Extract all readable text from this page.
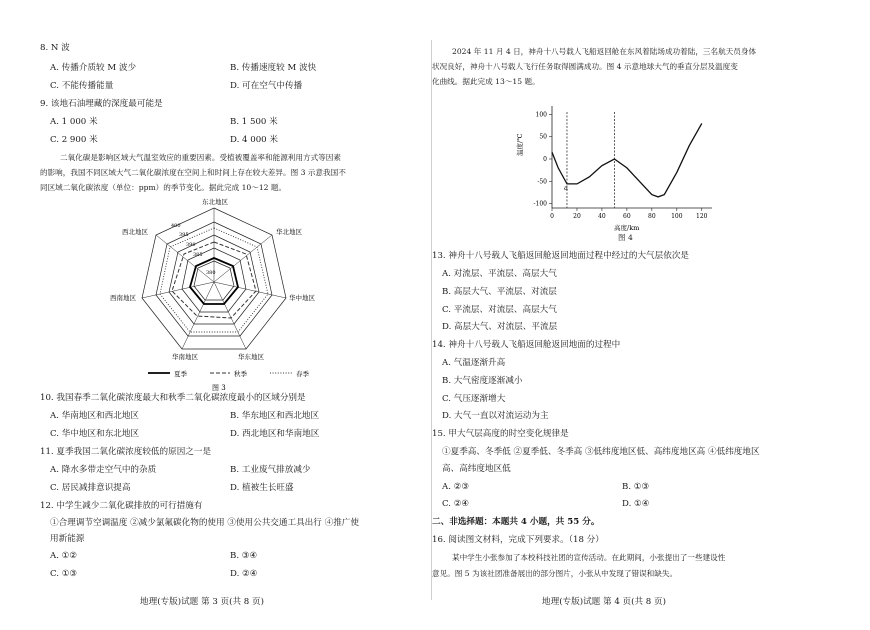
8. N 波
A. 传播介质较 M 波少	B. 传播速度较 M 波快
C. 不能传播能量	D. 可在空气中传播
9. 该地石油埋藏的深度最可能是
A. 1 000 米	B. 1 500 米
C. 2 900 米	D. 4 000 米
二氧化碳是影响区域大气温室效应的重要因素。受植被覆盖率和能源利用方式等因素
的影响，我国不同区域大气二氧化碳浓度在空间上和时间上存在较大差异。图 3 示意我国不
同区域二氧化碳浓度（单位：ppm）的季节变化。据此完成 10～12 题。
380
385
390
395
400
东北地区
华北地区
华中地区
华东地区
华南地区
西南地区
西北地区
夏季	秋季	春季
图 3
10. 我国春季二氧化碳浓度最大和秋季二氧化碳浓度最小的区域分别是
A. 华南地区和西北地区	B. 华东地区和西北地区
C. 华中地区和东北地区	D. 西北地区和华南地区
11. 夏季我国二氧化碳浓度较低的原因之一是
A. 降水多带走空气中的杂质	B. 工业废气排放减少
C. 居民减排意识提高	D. 植被生长旺盛
12. 中学生减少二氧化碳排放的可行措施有
①合理调节空调温度 ②减少氯氟碳化物的使用 ③使用公共交通工具出行 ④推广使
用新能源
A. ①②	B. ③④
C. ①③	D. ②④
地理(专版)试题 第 3 页(共 8 页)
2024 年 11 月 4 日，神舟十八号载人飞船返回舱在东风着陆场成功着陆，三名航天员身体
状况良好，神舟十八号载人飞行任务取得圆满成功。图 4 示意地球大气的垂直分层及温度变
化曲线。据此完成 13～15 题。
100
50
0
-50
-100
0	20	40	60	80	100 120
a
温度/℃
高度/km
图 4
13. 神舟十八号载人飞船返回舱返回地面过程中经过的大气层依次是
A. 对流层、平流层、高层大气
B. 高层大气、平流层、对流层
C. 平流层、对流层、高层大气
D. 高层大气、对流层、平流层
14. 神舟十八号载人飞船返回舱返回地面的过程中
A. 气温逐渐升高
B. 大气密度逐渐减小
C. 气压逐渐增大
D. 大气一直以对流运动为主
15. 甲大气层高度的时空变化规律是
①夏季高、冬季低 ②夏季低、冬季高 ③低纬度地区低、高纬度地区高 ④低纬度地区
高、高纬度地区低
A. ②③	B. ①③
C. ②④	D. ①④
二、非选择题：本题共 4 小题，共 55 分。
16. 阅读图文材料，完成下列要求。（18 分）
某中学生小张参加了本校科技社团的宣传活动。在此期间，小张提出了一些建设性
意见。图 5 为该社团准备展出的部分图片，小张从中发现了错误和缺失。
地理(专版)试题 第 4 页(共 8 页)
